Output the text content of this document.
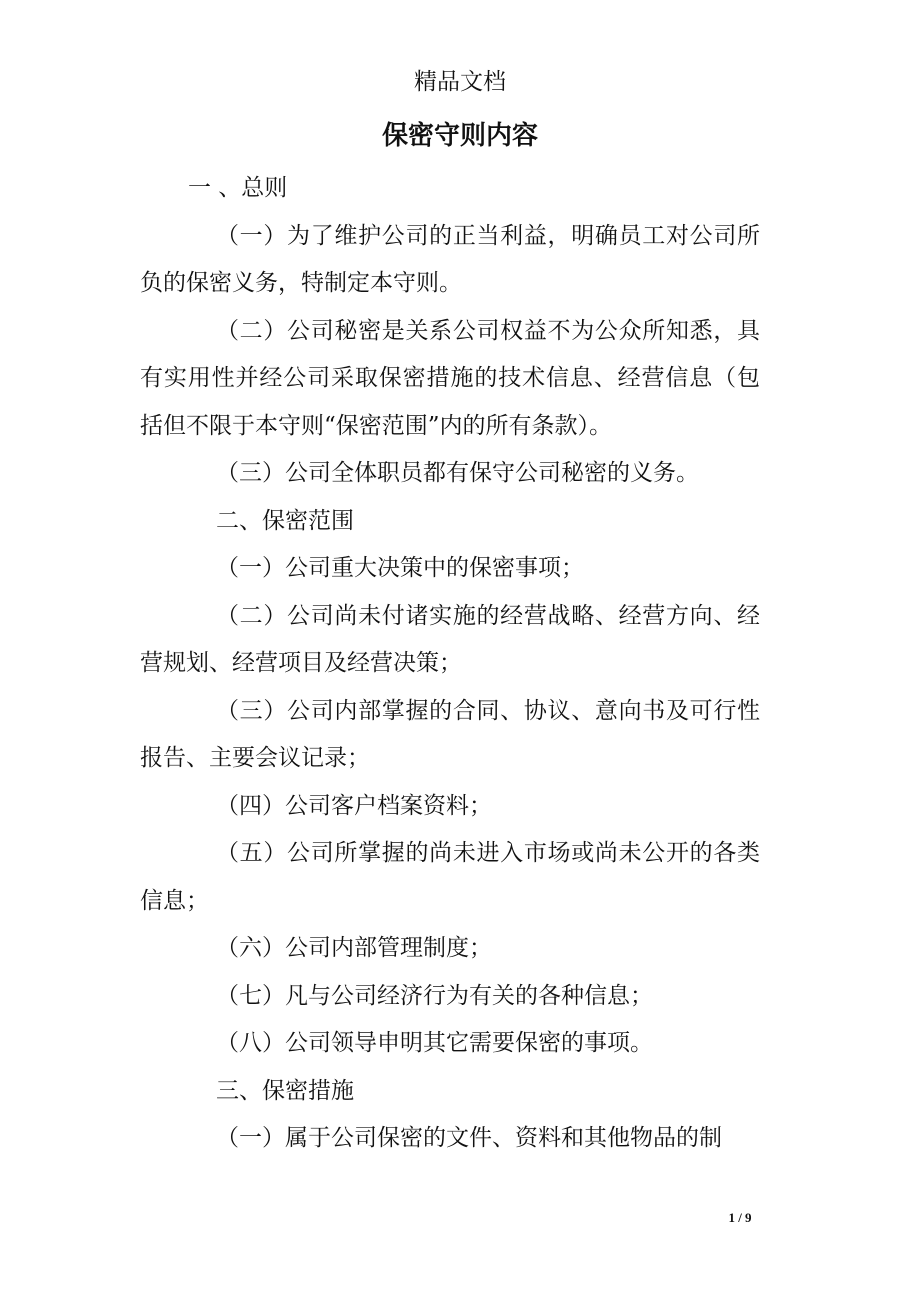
精品文档
保密守则内容

一 、总则

（一）为了维护公司的正当利益，明确员工对公司所负的保密义务，特制定本守则。

（二）公司秘密是关系公司权益不为公众所知悉，具有实用性并经公司采取保密措施的技术信息、经营信息（包括但不限于本守则“保密范围”内的所有条款）。

（三）公司全体职员都有保守公司秘密的义务。

二、保密范围

（一）公司重大决策中的保密事项；

（二）公司尚未付诸实施的经营战略、经营方向、经营规划、经营项目及经营决策；

（三）公司内部掌握的合同、协议、意向书及可行性报告、主要会议记录；

（四）公司客户档案资料；

（五）公司所掌握的尚未进入市场或尚未公开的各类信息；

（六）公司内部管理制度；

（七）凡与公司经济行为有关的各种信息；

（八）公司领导申明其它需要保密的事项。

三、保密措施

（一）属于公司保密的文件、资料和其他物品的制

1 / 9
